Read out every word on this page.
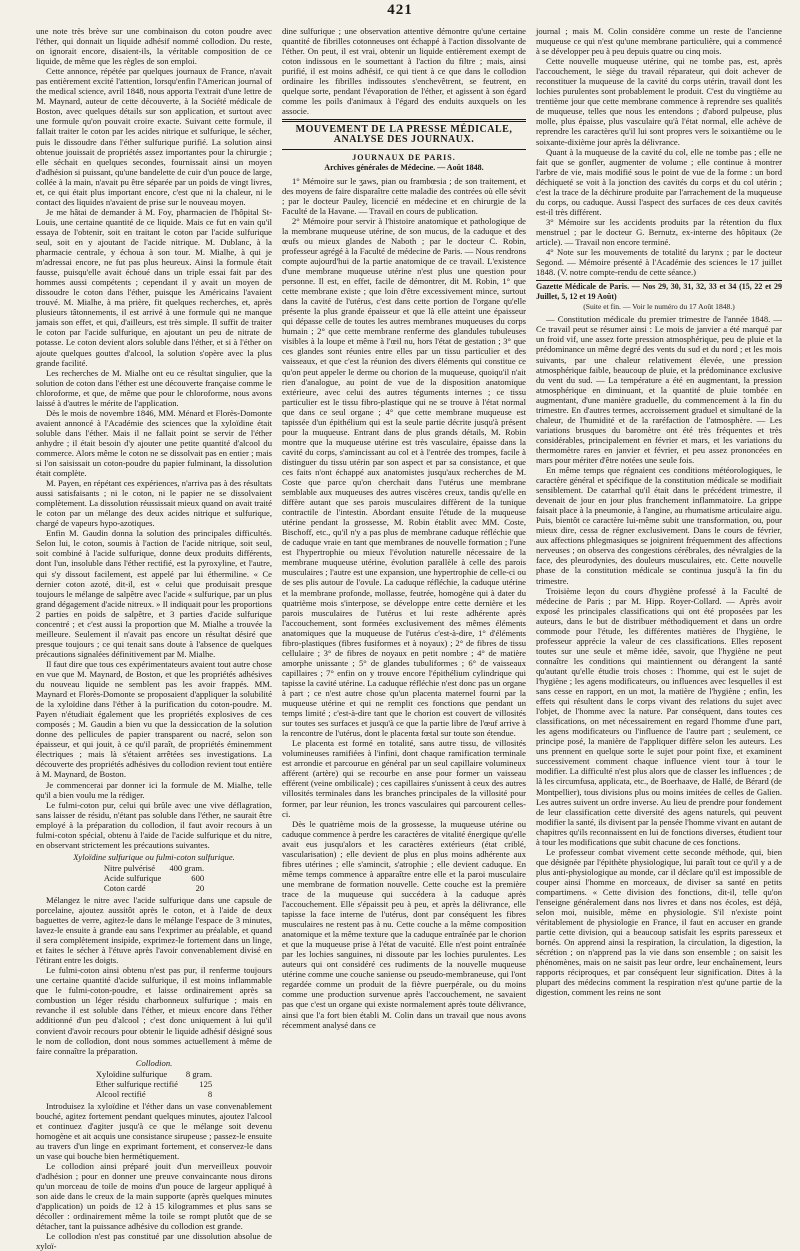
421

une note très brève sur une combinaison du coton poudre avec l'éther, qui donnait un liquide adhésif nommé collodion. Du reste, on ignorait encore, disaient-ils, la véritable composition de ce liquide, de même que les règles de son emploi.

Cette annonce, répétée par quelques journaux de France, n'avait pas entièrement excité l'attention, lorsqu'enfin l'American journal of the medical science, avril 1848, nous apporta l'extrait d'une lettre de M. Maynard, auteur de cette découverte, à la Société médicale de Boston, avec quelques détails sur son application, et surtout avec une formule qu'on pouvait croire exacte. Suivant cette formule, il fallait traiter le coton par les acides nitrique et sulfurique, le sécher, puis le dissoudre dans l'éther sulfurique purifié. La solution ainsi obtenue jouissait de propriétés assez importantes pour la chirurgie ; elle séchait en quelques secondes, fournissait ainsi un moyen d'adhésion si puissant, qu'une bandelette de cuir d'un pouce de large, collée à la main, n'avait pu être séparée par un poids de vingt livres, et, ce qui était plus important encore, c'est que ni la chaleur, ni le contact des liquides n'avaient de prise sur le nouveau moyen.

Je me hâtai de demander à M. Foy, pharmacien de l'hôpital St-Louis, une certaine quantité de ce liquide. Mais ce fut en vain qu'il essaya de l'obtenir, soit en traitant le coton par l'acide sulfurique seul, soit en y ajoutant de l'acide nitrique. M. Dublanc, à la pharmacie centrale, y échoua à son tour. M. Mialhe, à qui je m'adressai encore, ne fut pas plus heureux. Ainsi la formule était fausse, puisqu'elle avait échoué dans un triple essai fait par des hommes aussi compétents ; cependant il y avait un moyen de dissoudre le coton dans l'éther, puisque les Américains l'avaient trouvé. M. Mialhe, à ma prière, fit quelques recherches, et, après plusieurs tâtonnements, il est arrivé à une formule qui ne manque jamais son effet, et qui, d'ailleurs, est très simple. Il suffit de traiter le coton par l'acide sulfurique, en ajoutant un peu de nitrate de potasse. Le coton devient alors soluble dans l'éther, et si à l'éther on ajoute quelques gouttes d'alcool, la solution s'opère avec la plus grande facilité.

Les recherches de M. Mialhe ont eu ce résultat singulier, que la solution de coton dans l'éther est une découverte française comme le chloroforme, et que, de même que pour le chloroforme, nous avons laissé à d'autres le mérite de l'application.

Dès le mois de novembre 1846, MM. Ménard et Florès-Domonte avaient annoncé à l'Académie des sciences que la xyloïdine était soluble dans l'éther. Mais il ne fallait point se servir de l'éther anhydre ; il était besoin d'y ajouter une petite quantité d'alcool du commerce. Alors même le coton ne se dissolvait pas en entier ; mais si l'on saisissait un coton-poudre du papier fulminant, la dissolution était complète.

M. Payen, en répétant ces expériences, n'arriva pas à des résultats aussi satisfaisants ; ni le coton, ni le papier ne se dissolvaient complètement. La dissolution réussissait mieux quand on avait traité le coton par un mélange des deux acides nitrique et sulfurique, chargé de vapeurs hypo-azotiques.

Enfin M. Gaudin donna la solution des principales difficultés. Selon lui, le coton, soumis à l'action de l'acide nitrique, soit seul, soit combiné à l'acide sulfurique, donne deux produits différents, dont l'un, insoluble dans l'éther rectifié, est la pyroxyline, et l'autre, qui s'y dissout facilement, est appelé par lui éthermiline. « Ce dernier coton azoté, dit-il, est « celui que produisait presque toujours le mélange de salpêtre avec l'acide « sulfurique, par un plus grand dégagement d'acide nitreux. » Il indiquait pour les proportions 2 parties en poids de salpêtre, et 3 parties d'acide sulfurique concentré ; et c'est aussi la proportion que M. Mialhe a trouvée la meilleure. Seulement il n'avait pas encore un résultat désiré que presque toujours ; ce qui tenait sans doute à l'absence de quelques précautions signalées définitivement par M. Mialhe.

Il faut dire que tous ces expérimentateurs avaient tout autre chose en vue que M. Maynard, de Boston, et que les propriétés adhésives du nouveau liquide ne semblent pas les avoir frappés. MM. Maynard et Florès-Domonte se proposaient d'appliquer la solubilité de la xyloïdine dans l'éther à la purification du coton-poudre. M. Payen n'étudiait également que les propriétés explosives de ces composés ; M. Gaudin a bien vu que la dessiccation de la solution donne des pellicules de papier transparent ou nacré, selon son épaisseur, et qui jouit, à ce qu'il paraît, de propriétés éminemment électriques ; mais là s'étaient arrêtées ses investigations. La découverte des propriétés adhésives du collodion revient tout entière à M. Maynard, de Boston.

Je commencerai par donner ici la formule de M. Mialhe, telle qu'il a bien voulu me la rédiger.

Le fulmi-coton pur, celui qui brûle avec une vive déflagration, sans laisser de résidu, n'étant pas soluble dans l'éther, ne saurait être employé à la préparation du collodion, il faut avoir recours à un fulmi-coton spécial, obtenu à l'aide de l'acide sulfurique et du nitre, en observant strictement les précautions suivantes.

Xyloïdine sulfurique ou fulmi-coton sulfurique.
Nitre pulvérisé	400 gram.
Acide sulfurique	600
Coton cardé	20

Mélangez le nitre avec l'acide sulfurique dans une capsule de porcelaine, ajoutez aussitôt après le coton, et à l'aide de deux baguettes de verre, agitez-le dans le mélange l'espace de 3 minutes, lavez-le ensuite à grande eau sans l'exprimer au préalable, et quand il sera complètement insipide, exprimez-le fortement dans un linge, et faites le sécher à l'étuve après l'avoir convenablement divisé en l'étirant entre les doigts.

Le fulmi-coton ainsi obtenu n'est pas pur, il renferme toujours une certaine quantité d'acide sulfurique, il est moins inflammable que le fulmi-coton-poudre, et laisse ordinairement après sa combustion un léger résidu charbonneux sulfurique ; mais en revanche il est soluble dans l'éther, et mieux encore dans l'éther additionné d'un peu d'alcool ; c'est donc uniquement à lui qu'il convient d'avoir recours pour obtenir le liquide adhésif désigné sous le nom de collodion, dont nous sommes actuellement à même de faire connaître la préparation.

Collodion.
Xyloïdine sulfurique	8 gram.
Ether sulfurique rectifié	125
Alcool rectifié	8

Introduisez la xyloïdine et l'éther dans un vase convenablement bouché, agitez fortement pendant quelques minutes, ajoutez l'alcool et continuez d'agiter jusqu'à ce que le mélange soit devenu homogène et ait acquis une consistance sirupeuse ; passez-le ensuite au travers d'un linge en exprimant fortement, et conservez-le dans un vase qui bouche bien hermétiquement.

Le collodion ainsi préparé jouit d'un merveilleux pouvoir d'adhésion ; pour en donner une preuve convaincante nous dirons qu'un morceau de toile de moins d'un pouce de largeur appliqué à son aide dans le creux de la main supporte (après quelques minutes d'application) un poids de 12 à 15 kilogrammes et plus sans se décoller : ordinairement même la toile se rompt plutôt que de se détacher, tant la puissance adhésive du collodion est grande.

Le collodion n'est pas constitué par une dissolution absolue de xyloï-

dine sulfurique ; une observation attentive démontre qu'une certaine quantité de fibrilles cotonneuses ont échappé à l'action dissolvante de l'éther. On peut, il est vrai, obtenir un liquide entièrement exempt de coton indissous en le soumettant à l'action du filtre ; mais, ainsi purifié, il est moins adhésif, ce qui tient à ce que dans le collodion ordinaire les fibrilles indissoutes s'enchevêtrent, se feutrent, en quelque sorte, pendant l'évaporation de l'éther, et agissent à son égard comme les poils d'animaux à l'égard des enduits auxquels on les associe.

MOUVEMENT DE LA PRESSE MÉDICALE, ANALYSE DES JOURNAUX.
JOURNAUX DE PARIS.
Archives générales de Médecine. — Août 1848.

1° Mémoire sur le ʒaws, pian ou frambœsia ; de son traitement, et des moyens de faire disparaître cette maladie des contrées où elle sévit ; par le docteur Pauley, licencié en médecine et en chirurgie de la Faculté de la Havane. — Travail en cours de publication.

2° Mémoire pour servir à l'histoire anatomique et pathologique de la membrane muqueuse utérine, de son mucus, de la caduque et des œufs ou mieux glandes de Naboth ; par le docteur C. Robin, professeur agrégé à la Faculté de médecine de Paris. — Nous rendrons compte aujourd'hui de la partie anatomique de ce travail. L'existence d'une membrane muqueuse utérine n'est plus une question pour personne. Il est, en effet, facile de démontrer, dit M. Robin, 1° que cette membrane existe ; que loin d'être excessivement mince, surtout dans la cavité de l'utérus, c'est dans cette portion de l'organe qu'elle présente la plus grande épaisseur et que là elle atteint une épaisseur qui dépasse celle de toutes les autres membranes muqueuses du corps humain ; 2° que cette membrane renferme des glandules tubuleuses visibles à la loupe et même à l'œil nu, hors l'état de gestation ; 3° que ces glandes sont réunies entre elles par un tissu particulier et des vaisseaux, et que c'est la réunion des divers éléments qui constitue ce qu'on peut appeler le derme ou chorion de la muqueuse, quoiqu'il n'ait rien d'analogue, au point de vue de la disposition anatomique extérieure, avec celui des autres téguments internes ; ce tissu particulier est le tissu fibro-plastique qui ne se trouve à l'état normal que dans ce seul organe ; 4° que cette membrane muqueuse est tapissée d'un épithélium qui est la seule partie décrite jusqu'à présent pour la muqueuse. Entrant dans de plus grands détails, M. Robin montre que la muqueuse utérine est très vasculaire, épaisse dans la cavité du corps, s'amincissant au col et à l'entrée des trompes, facile à distinguer du tissu utérin par son aspect et par sa consistance, et que ces faits n'ont échappé aux anatomistes jusqu'aux recherches de M. Coste que parce qu'on cherchait dans l'utérus une membrane semblable aux muqueuses des autres viscères creux, tandis qu'elle en diffère autant que ses parois musculaires diffèrent de la tunique contractile de l'intestin. Abordant ensuite l'étude de la muqueuse utérine pendant la grossesse, M. Robin établit avec MM. Coste, Bischoff, etc., qu'il n'y a pas plus de membrane caduque réfléchie que de caduque vraie en tant que membranes de nouvelle formation ; l'une est l'hypertrophie ou mieux l'évolution naturelle nécessaire de la membrane muqueuse utérine, évolution parallèle à celle des parois musculaires ; l'autre est une expansion, une hypertrophie de celle-ci ou de ses plis autour de l'ovule. La caduque réfléchie, la caduque utérine et la membrane profonde, mollasse, feutrée, homogène qui à dater du quatrième mois s'interpose, se développe entre cette dernière et les parois musculaires de l'utérus et lui reste adhérente après l'accouchement, sont formées exclusivement des mêmes éléments anatomiques que la muqueuse de l'utérus c'est-à-dire, 1° d'éléments fibro-plastiques (fibres fusiformes et à noyaux) ; 2° de fibres de tissu cellulaire ; 3° de fibres de noyaux en petit nombre ; 4° de matière amorphe unissante ; 5° de glandes tubuliformes ; 6° de vaisseaux capillaires ; 7° enfin on y trouve encore l'épithélium cylindrique qui tapisse la cavité utérine. La caduque réfléchie n'est donc pas un organe à part ; ce n'est autre chose qu'un placenta maternel fourni par la muqueuse utérine et qui ne remplit ces fonctions que pendant un temps limité ; c'est-à-dire tant que le chorion est couvert de villosités sur toutes ses surfaces et jusqu'à ce que la partie libre de l'œuf arrive à la rencontre de l'utérus, dont le placenta fœtal sur toute son étendue.

Le placenta est formé en totalité, sans autre tissu, de villosités volumineuses ramifiées à l'infini, dont chaque ramification terminale est arrondie et parcourue en général par un seul capillaire volumineux afférent (artère) qui se recourbe en anse pour former un vaisseau efférent (veine ombilicale) ; ces capillaires s'unissent à ceux des autres villosités terminales dans les branches principales de la villosité pour former, par leur réunion, les troncs vasculaires qui parcourent celles-ci.

Dès le quatrième mois de la grossesse, la muqueuse utérine ou caduque commence à perdre les caractères de vitalité énergique qu'elle avait eus jusqu'alors et les caractères extérieurs (état criblé, vascularisation) ; elle devient de plus en plus moins adhérente aux fibres utérines ; elle s'amincit, s'atrophie ; elle devient caduque. En même temps commence à apparaître entre elle et la paroi musculaire une membrane de formation nouvelle. Cette couche est la première trace de la muqueuse qui succédera à la caduque après l'accouchement. Elle s'épaissit peu à peu, et après la délivrance, elle tapisse la face interne de l'utérus, dont par conséquent les fibres musculaires ne restent pas à nu. Cette couche a la même composition anatomique et la même texture que la caduque entraînée par le chorion et que la muqueuse prise à l'état de vacuité. Elle n'est point entraînée par les lochies sanguines, ni dissoute par les lochies purulentes. Les auteurs qui ont considéré ces rudiments de la nouvelle muqueuse utérine comme une couche saniense ou pseudo-membraneuse, qui l'ont regardée comme un produit de la fièvre puerpérale, ou du moins comme une production survenue après l'accouchement, ne savaient pas que c'est un organe qui existe normalement après toute délivrance, ainsi que l'a fort bien établi M. Colin dans un travail que nous avons récemment analysé dans ce

journal ; mais M. Colin considère comme un reste de l'ancienne muqueuse ce qui n'est qu'une membrane particulière, qui a commencé à se développer peu à peu depuis quatre ou cinq mois.

Cette nouvelle muqueuse utérine, qui ne tombe pas, est, après l'accouchement, le siège du travail réparateur, qui doit achever de reconstituer la muqueuse de la cavité du corps utérin, travail dont les lochies purulentes sont probablement le produit. C'est du vingtième au trentième jour que cette membrane commence à reprendre ses qualités de muqueuse, telles que nous les entendons ; d'abord pulpeuse, plus molle, plus épaisse, plus vasculaire qu'à l'état normal, elle achève de reprendre les caractères qu'il lui sont propres vers le soixantième ou le soixante-dixième jour après la délivrance.

Quant à la muqueuse de la cavité du col, elle ne tombe pas ; elle ne fait que se gonfler, augmenter de volume ; elle continue à montrer l'arbre de vie, mais modifié sous le point de vue de la forme : un bord déchiqueté se voit à la jonction des cavités du corps et du col utérin ; c'est la trace de la déchirure produite par l'arrachement de la muqueuse du corps, ou caduque. Aussi l'aspect des surfaces de ces deux cavités est-il très différent.

3° Mémoire sur les accidents produits par la rétention du flux menstruel ; par le docteur G. Bernutz, ex-interne des hôpitaux (2e article). — Travail non encore terminé.

4° Note sur les mouvements de totalité du larynx ; par le docteur Segond. — Mémoire présenté à l'Académie des sciences le 17 juillet 1848. (V. notre compte-rendu de cette séance.)

Gazette Médicale de Paris. — Nos 29, 30, 31, 32, 33 et 34 (15, 22 et 29 Juillet, 5, 12 et 19 Août)
(Suite et fin. — Voir le numéro du 17 Août 1848.)

— Constitution médicale du premier trimestre de l'année 1848. — Ce travail peut se résumer ainsi : Le mois de janvier a été marqué par un froid vif, une assez forte pression atmosphérique, peu de pluie et la prédominance un même degré des vents du sud et du nord ; et les mois suivants, par une chaleur relativement élevée, une pression atmosphérique faible, beaucoup de pluie, et la prédominance exclusive du vent du sud. — La température a été en augmentant, la pression atmosphérique en diminuant, et la quantité de pluie tombée en augmentant, d'une manière graduelle, du commencement à la fin du trimestre. En d'autres termes, accroissement graduel et simultané de la chaleur, de l'humidité et de la raréfaction de l'atmosphère. — Les variations brusques du baromètre ont été très fréquentes et très considérables, principalement en février et mars, et les variations du thermomètre rares en janvier et février, et peu assez prononcées en mars pour mériter d'être notées une seule fois.

En même temps que régnaient ces conditions météorologiques, le caractère général et spécifique de la constitution médicale se modifiait sensiblement. De catarrhal qu'il était dans le précédent trimestre, il devenait de jour en jour plus franchement inflammatoire. La grippe faisait place à la pneumonie, à l'angine, au rhumatisme articulaire aigu. Puis, bientôt ce caractère lui-même subit une transformation, ou, pour mieux dire, cessa de régner exclusivement. Dans le cours de février, aux affections phlegmasiques se joignirent fréquemment des affections nerveuses ; on observa des congestions cérébrales, des névralgies de la face, des pleurodynies, des douleurs musculaires, etc. Cette nouvelle phase de la constitution médicale se continua jusqu'à la fin du trimestre.

Troisième leçon du cours d'hygiène professé à la Faculté de médecine de Paris ; par M. Hipp. Royer-Collard. — Après avoir exposé les principales classifications qui ont été proposées par les auteurs, dans le but de distribuer méthodiquement et dans un ordre commode pour l'étude, les différentes matières de l'hygiène, le professeur apprécie la valeur de ces classifications. Elles reposent toutes sur une seule et même idée, savoir, que l'hygiène ne peut connaître les conditions qui maintiennent ou dérangent la santé qu'autant qu'elle étudie trois choses : l'homme, qui est le sujet de l'hygiène ; les agens modificateurs, ou influences avec lesquelles il est sans cesse en rapport, en un mot, la matière de l'hygiène ; enfin, les effets qui résultent dans le corps vivant des relations du sujet avec l'objet, de l'homme avec la nature. Par conséquent, dans toutes ces classifications, on met nécessairement en regard l'homme d'une part, les agens modificateurs ou l'influence de l'autre part ; seulement, ce principe posé, la manière de l'appliquer diffère selon les auteurs. Les uns prennent en quelque sorte le sujet pour point fixe, et examinent successivement comment chaque influence vient tour à tour le modifier. La difficulté n'est plus alors que de classer les influences ; de là les circumfusa, applicata, etc., de Boerhaave, de Hallé, de Bérard (de Montpellier), tous divisions plus ou moins imitées de celles de Galien. Les autres suivent un ordre inverse. Au lieu de prendre pour fondement de leur classification cette diversité des agens naturels, qui peuvent modifier la santé, ils divisent par la pensée l'homme vivant en autant de chapitres qu'ils reconnaissent en lui de fonctions diverses, étudient tour à tour les modifications que subit chacune de ces fonctions.

Le professeur combat vivement cette seconde méthode, qui, bien que désignée par l'épithète physiologique, lui paraît tout ce qu'il y a de plus anti-physiologique au monde, car il déclare qu'il est impossible de couper ainsi l'homme en morceaux, de diviser sa santé en petits compartimens. « Cette division des fonctions, dit-il, telle qu'on l'enseigne généralement dans nos livres et dans nos écoles, est déjà, selon moi, nuisible, même en physiologie. S'il n'existe point véritablement de physiologie en France, il faut en accuser en grande partie cette division, qui a beaucoup satisfait les esprits paresseux et bornés. On apprend ainsi la respiration, la circulation, la digestion, la sécrétion ; on n'apprend pas la vie dans son ensemble ; on saisit les phénomènes, mais on ne saisit pas leur ordre, leur enchaînement, leurs rapports réciproques, et par conséquent leur signification. Dites à la plupart des médecins comment la respiration n'est qu'une partie de la digestion, comment les reins ne sont
